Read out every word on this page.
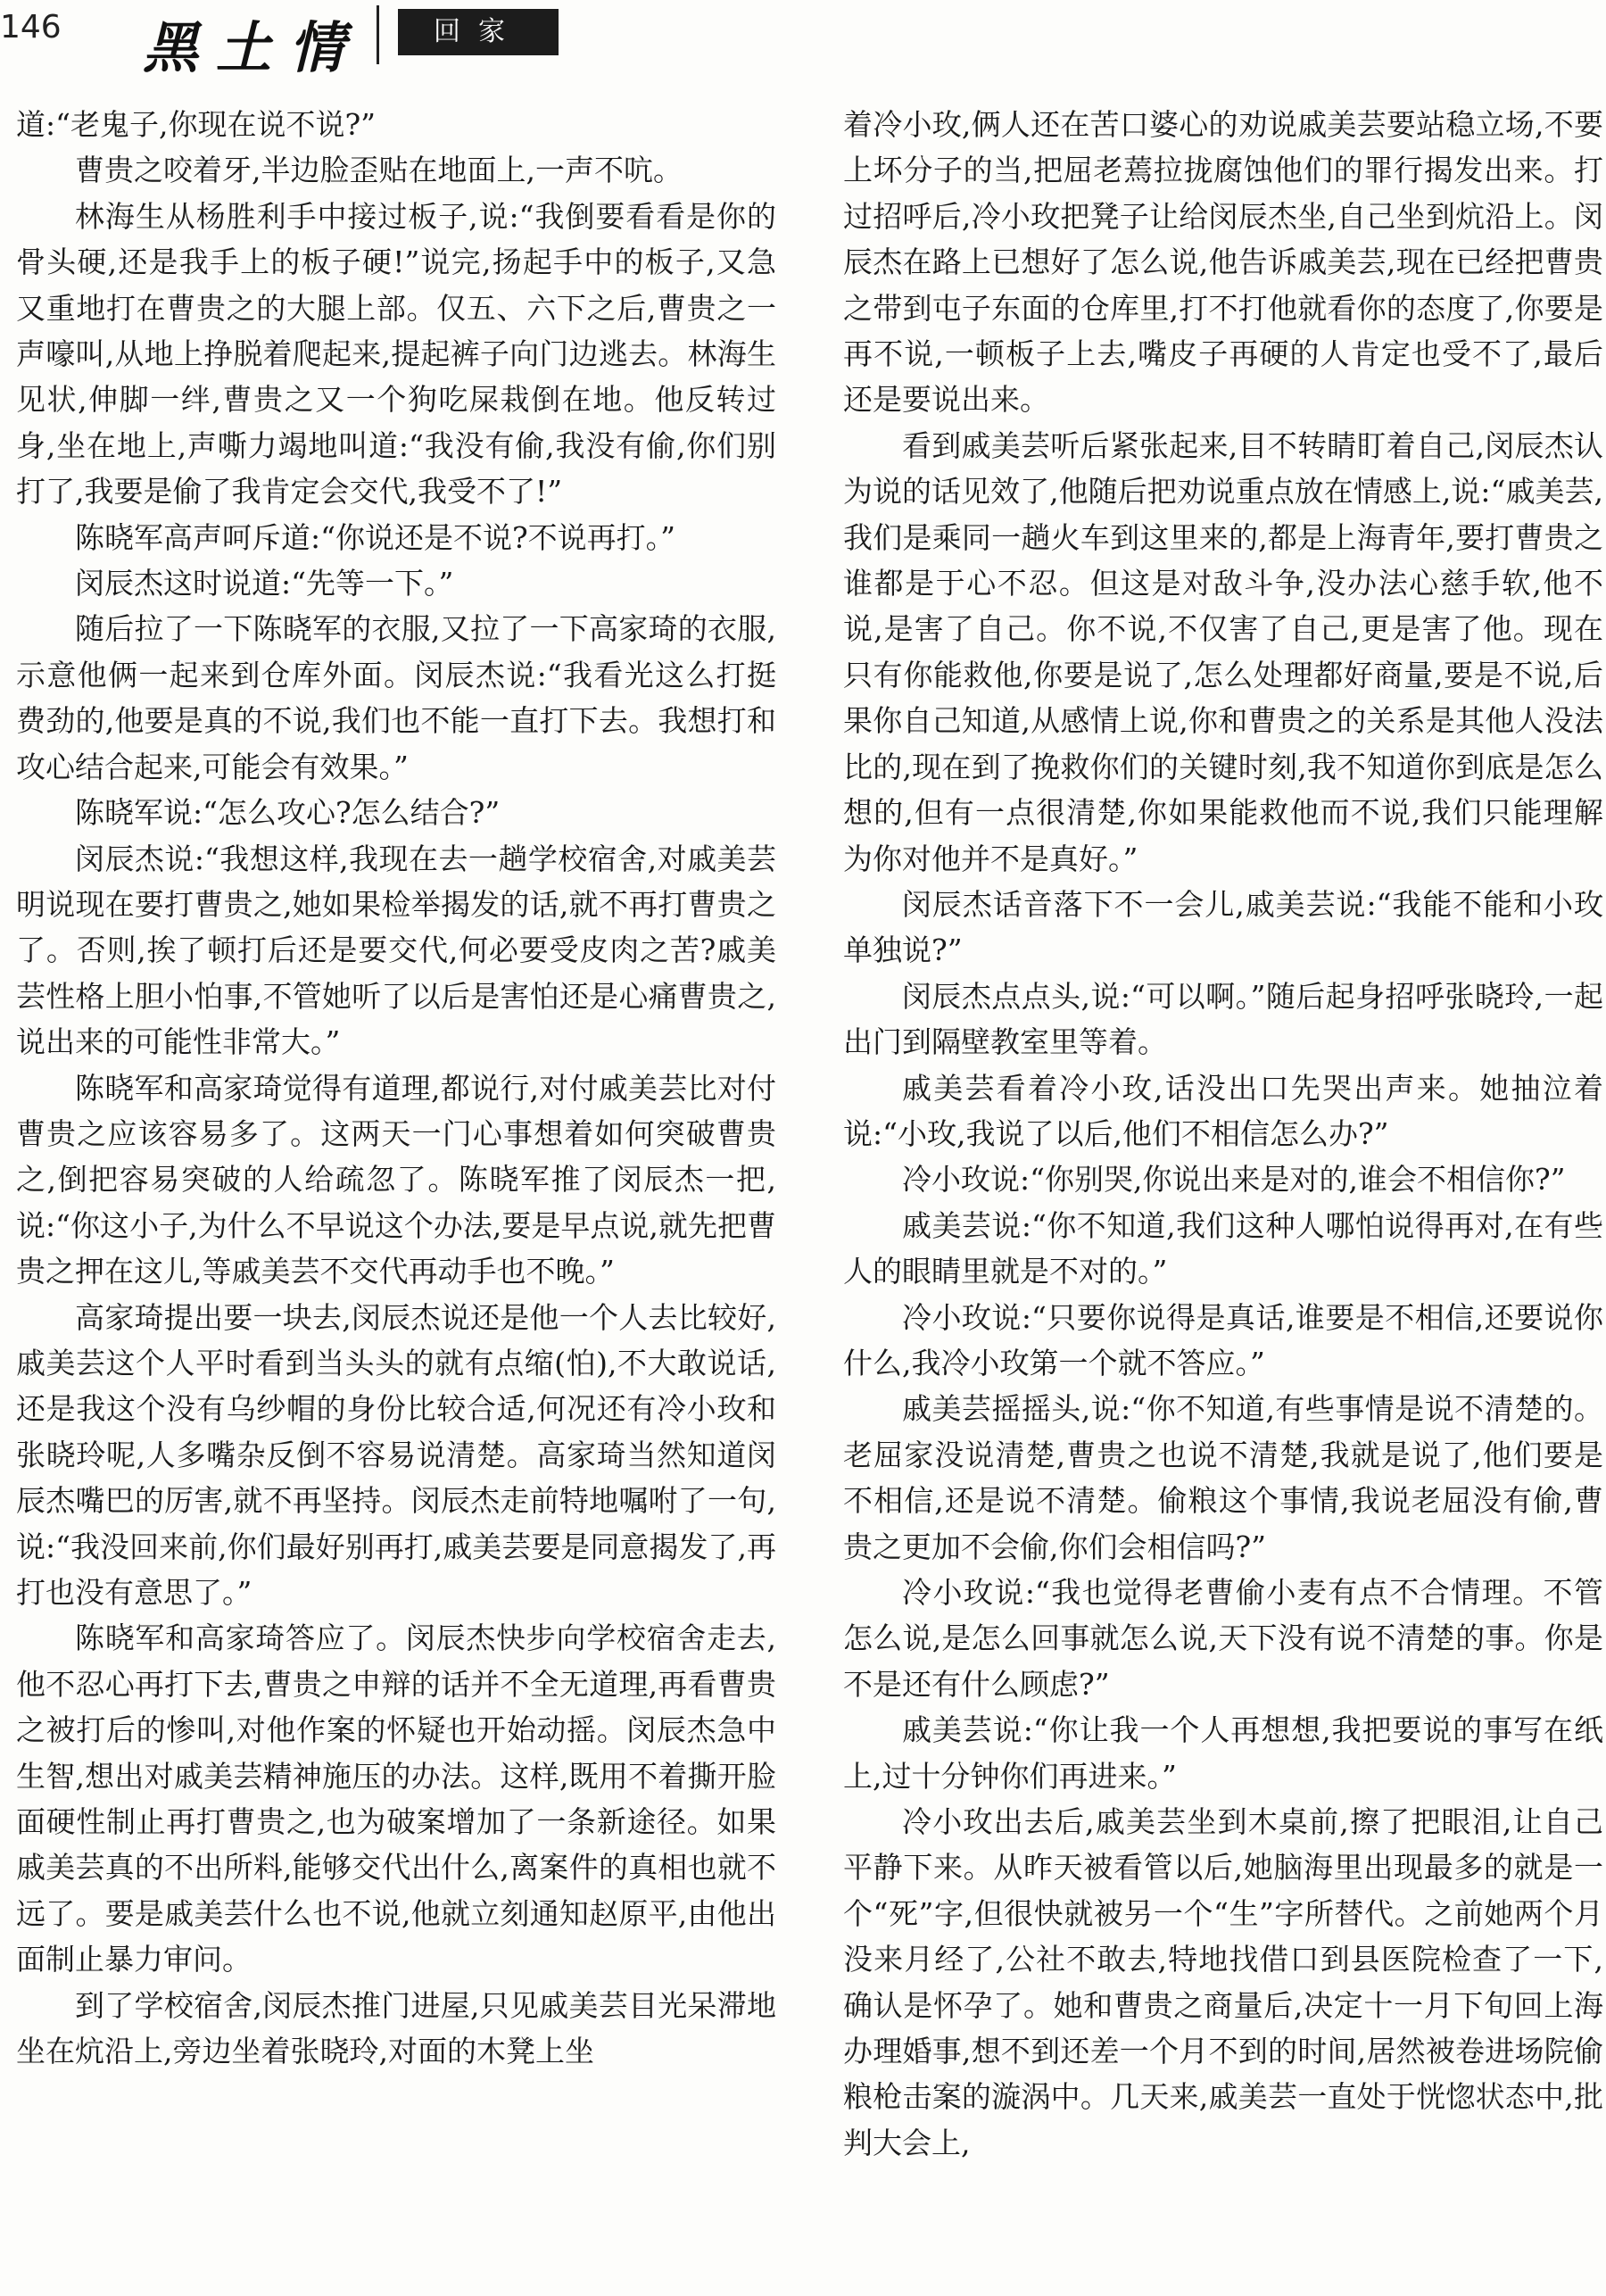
146 黑土情	回家

道:“老鬼子,你现在说不说?”

曹贵之咬着牙,半边脸歪贴在地面上,一声不吭。

林海生从杨胜利手中接过板子,说:“我倒要看看是你的骨头硬,还是我手上的板子硬!”说完,扬起手中的板子,又急又重地打在曹贵之的大腿上部。仅五、六下之后,曹贵之一声嚎叫,从地上挣脱着爬起来,提起裤子向门边逃去。林海生见状,伸脚一绊,曹贵之又一个狗吃屎栽倒在地。他反转过身,坐在地上,声嘶力竭地叫道:“我没有偷,我没有偷,你们别打了,我要是偷了我肯定会交代,我受不了!”

陈晓军高声呵斥道:“你说还是不说?不说再打。”

闵辰杰这时说道:“先等一下。”

随后拉了一下陈晓军的衣服,又拉了一下高家琦的衣服,示意他俩一起来到仓库外面。闵辰杰说:“我看光这么打挺费劲的,他要是真的不说,我们也不能一直打下去。我想打和攻心结合起来,可能会有效果。”

陈晓军说:“怎么攻心?怎么结合?”

闵辰杰说:“我想这样,我现在去一趟学校宿舍,对戚美芸明说现在要打曹贵之,她如果检举揭发的话,就不再打曹贵之了。否则,挨了顿打后还是要交代,何必要受皮肉之苦?戚美芸性格上胆小怕事,不管她听了以后是害怕还是心痛曹贵之,说出来的可能性非常大。”

陈晓军和高家琦觉得有道理,都说行,对付戚美芸比对付曹贵之应该容易多了。这两天一门心事想着如何突破曹贵之,倒把容易突破的人给疏忽了。陈晓军推了闵辰杰一把,说:“你这小子,为什么不早说这个办法,要是早点说,就先把曹贵之押在这儿,等戚美芸不交代再动手也不晚。”

高家琦提出要一块去,闵辰杰说还是他一个人去比较好,戚美芸这个人平时看到当头头的就有点缩(怕),不大敢说话,还是我这个没有乌纱帽的身份比较合适,何况还有冷小玫和张晓玲呢,人多嘴杂反倒不容易说清楚。高家琦当然知道闵辰杰嘴巴的厉害,就不再坚持。闵辰杰走前特地嘱咐了一句,说:“我没回来前,你们最好别再打,戚美芸要是同意揭发了,再打也没有意思了。”

陈晓军和高家琦答应了。闵辰杰快步向学校宿舍走去,他不忍心再打下去,曹贵之申辩的话并不全无道理,再看曹贵之被打后的惨叫,对他作案的怀疑也开始动摇。闵辰杰急中生智,想出对戚美芸精神施压的办法。这样,既用不着撕开脸面硬性制止再打曹贵之,也为破案增加了一条新途径。如果戚美芸真的不出所料,能够交代出什么,离案件的真相也就不远了。要是戚美芸什么也不说,他就立刻通知赵原平,由他出面制止暴力审问。

到了学校宿舍,闵辰杰推门进屋,只见戚美芸目光呆滞地坐在炕沿上,旁边坐着张晓玲,对面的木凳上坐

着冷小玫,俩人还在苦口婆心的劝说戚美芸要站稳立场,不要上坏分子的当,把屈老蔫拉拢腐蚀他们的罪行揭发出来。打过招呼后,冷小玫把凳子让给闵辰杰坐,自己坐到炕沿上。闵辰杰在路上已想好了怎么说,他告诉戚美芸,现在已经把曹贵之带到屯子东面的仓库里,打不打他就看你的态度了,你要是再不说,一顿板子上去,嘴皮子再硬的人肯定也受不了,最后还是要说出来。

看到戚美芸听后紧张起来,目不转睛盯着自己,闵辰杰认为说的话见效了,他随后把劝说重点放在情感上,说:“戚美芸,我们是乘同一趟火车到这里来的,都是上海青年,要打曹贵之谁都是于心不忍。但这是对敌斗争,没办法心慈手软,他不说,是害了自己。你不说,不仅害了自己,更是害了他。现在只有你能救他,你要是说了,怎么处理都好商量,要是不说,后果你自己知道,从感情上说,你和曹贵之的关系是其他人没法比的,现在到了挽救你们的关键时刻,我不知道你到底是怎么想的,但有一点很清楚,你如果能救他而不说,我们只能理解为你对他并不是真好。”

闵辰杰话音落下不一会儿,戚美芸说:“我能不能和小玫单独说?”

闵辰杰点点头,说:“可以啊。”随后起身招呼张晓玲,一起出门到隔壁教室里等着。

戚美芸看着冷小玫,话没出口先哭出声来。她抽泣着说:“小玫,我说了以后,他们不相信怎么办?”

冷小玫说:“你别哭,你说出来是对的,谁会不相信你?”

戚美芸说:“你不知道,我们这种人哪怕说得再对,在有些人的眼睛里就是不对的。”

冷小玫说:“只要你说得是真话,谁要是不相信,还要说你什么,我冷小玫第一个就不答应。”

戚美芸摇摇头,说:“你不知道,有些事情是说不清楚的。老屈家没说清楚,曹贵之也说不清楚,我就是说了,他们要是不相信,还是说不清楚。偷粮这个事情,我说老屈没有偷,曹贵之更加不会偷,你们会相信吗?”

冷小玫说:“我也觉得老曹偷小麦有点不合情理。不管怎么说,是怎么回事就怎么说,天下没有说不清楚的事。你是不是还有什么顾虑?”

戚美芸说:“你让我一个人再想想,我把要说的事写在纸上,过十分钟你们再进来。”

冷小玫出去后,戚美芸坐到木桌前,擦了把眼泪,让自己平静下来。从昨天被看管以后,她脑海里出现最多的就是一个“死”字,但很快就被另一个“生”字所替代。之前她两个月没来月经了,公社不敢去,特地找借口到县医院检查了一下,确认是怀孕了。她和曹贵之商量后,决定十一月下旬回上海办理婚事,想不到还差一个月不到的时间,居然被卷进场院偷粮枪击案的漩涡中。几天来,戚美芸一直处于恍惚状态中,批判大会上,
